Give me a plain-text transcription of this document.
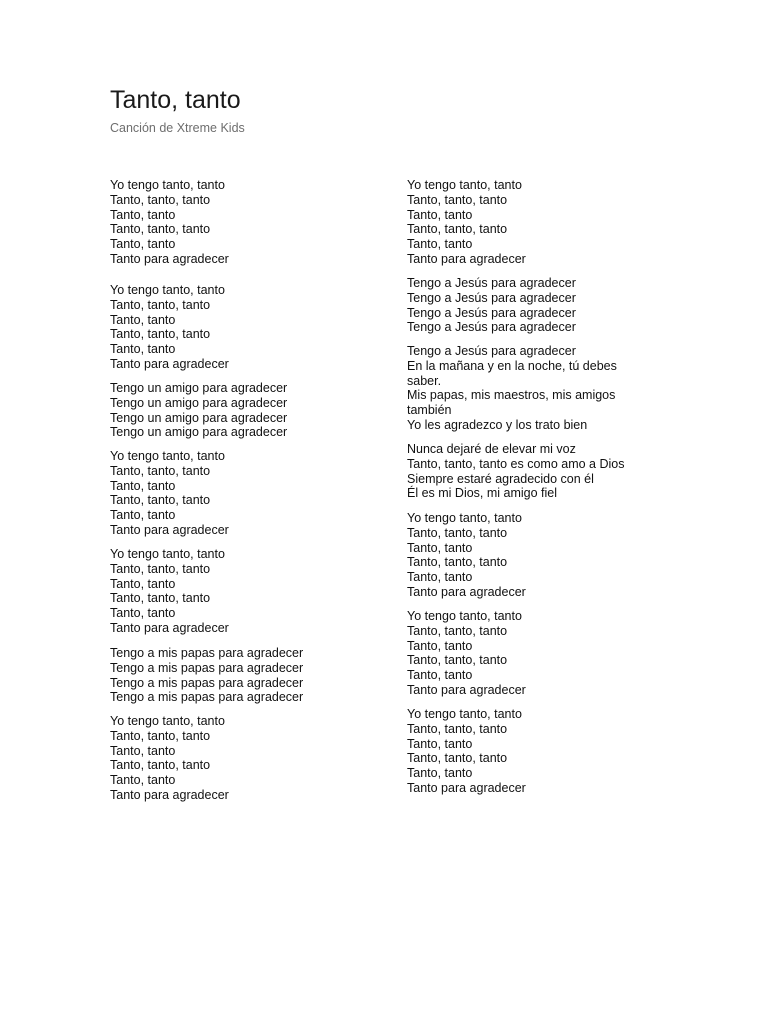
Tanto, tanto

Canción de Xtreme Kids

Yo tengo tanto, tanto
Tanto, tanto, tanto
Tanto, tanto
Tanto, tanto, tanto
Tanto, tanto
Tanto para agradecer
Yo tengo tanto, tanto
Tanto, tanto, tanto
Tanto, tanto
Tanto, tanto, tanto
Tanto, tanto
Tanto para agradecer
Tengo un amigo para agradecer
Tengo un amigo para agradecer
Tengo un amigo para agradecer
Tengo un amigo para agradecer
Yo tengo tanto, tanto
Tanto, tanto, tanto
Tanto, tanto
Tanto, tanto, tanto
Tanto, tanto
Tanto para agradecer
Yo tengo tanto, tanto
Tanto, tanto, tanto
Tanto, tanto
Tanto, tanto, tanto
Tanto, tanto
Tanto para agradecer
Tengo a mis papas para agradecer
Tengo a mis papas para agradecer
Tengo a mis papas para agradecer
Tengo a mis papas para agradecer
Yo tengo tanto, tanto
Tanto, tanto, tanto
Tanto, tanto
Tanto, tanto, tanto
Tanto, tanto
Tanto para agradecer
Yo tengo tanto, tanto
Tanto, tanto, tanto
Tanto, tanto
Tanto, tanto, tanto
Tanto, tanto
Tanto para agradecer
Tengo a Jesús para agradecer
Tengo a Jesús para agradecer
Tengo a Jesús para agradecer
Tengo a Jesús para agradecer
Tengo a Jesús para agradecer
En la mañana y en la noche, tú debes
saber.
Mis papas, mis maestros, mis amigos
también
Yo les agradezco y los trato bien
Nunca dejaré de elevar mi voz
Tanto, tanto, tanto es como amo a Dios
Siempre estaré agradecido con él
Él es mi Dios, mi amigo fiel
Yo tengo tanto, tanto
Tanto, tanto, tanto
Tanto, tanto
Tanto, tanto, tanto
Tanto, tanto
Tanto para agradecer
Yo tengo tanto, tanto
Tanto, tanto, tanto
Tanto, tanto
Tanto, tanto, tanto
Tanto, tanto
Tanto para agradecer
Yo tengo tanto, tanto
Tanto, tanto, tanto
Tanto, tanto
Tanto, tanto, tanto
Tanto, tanto
Tanto para agradecer
